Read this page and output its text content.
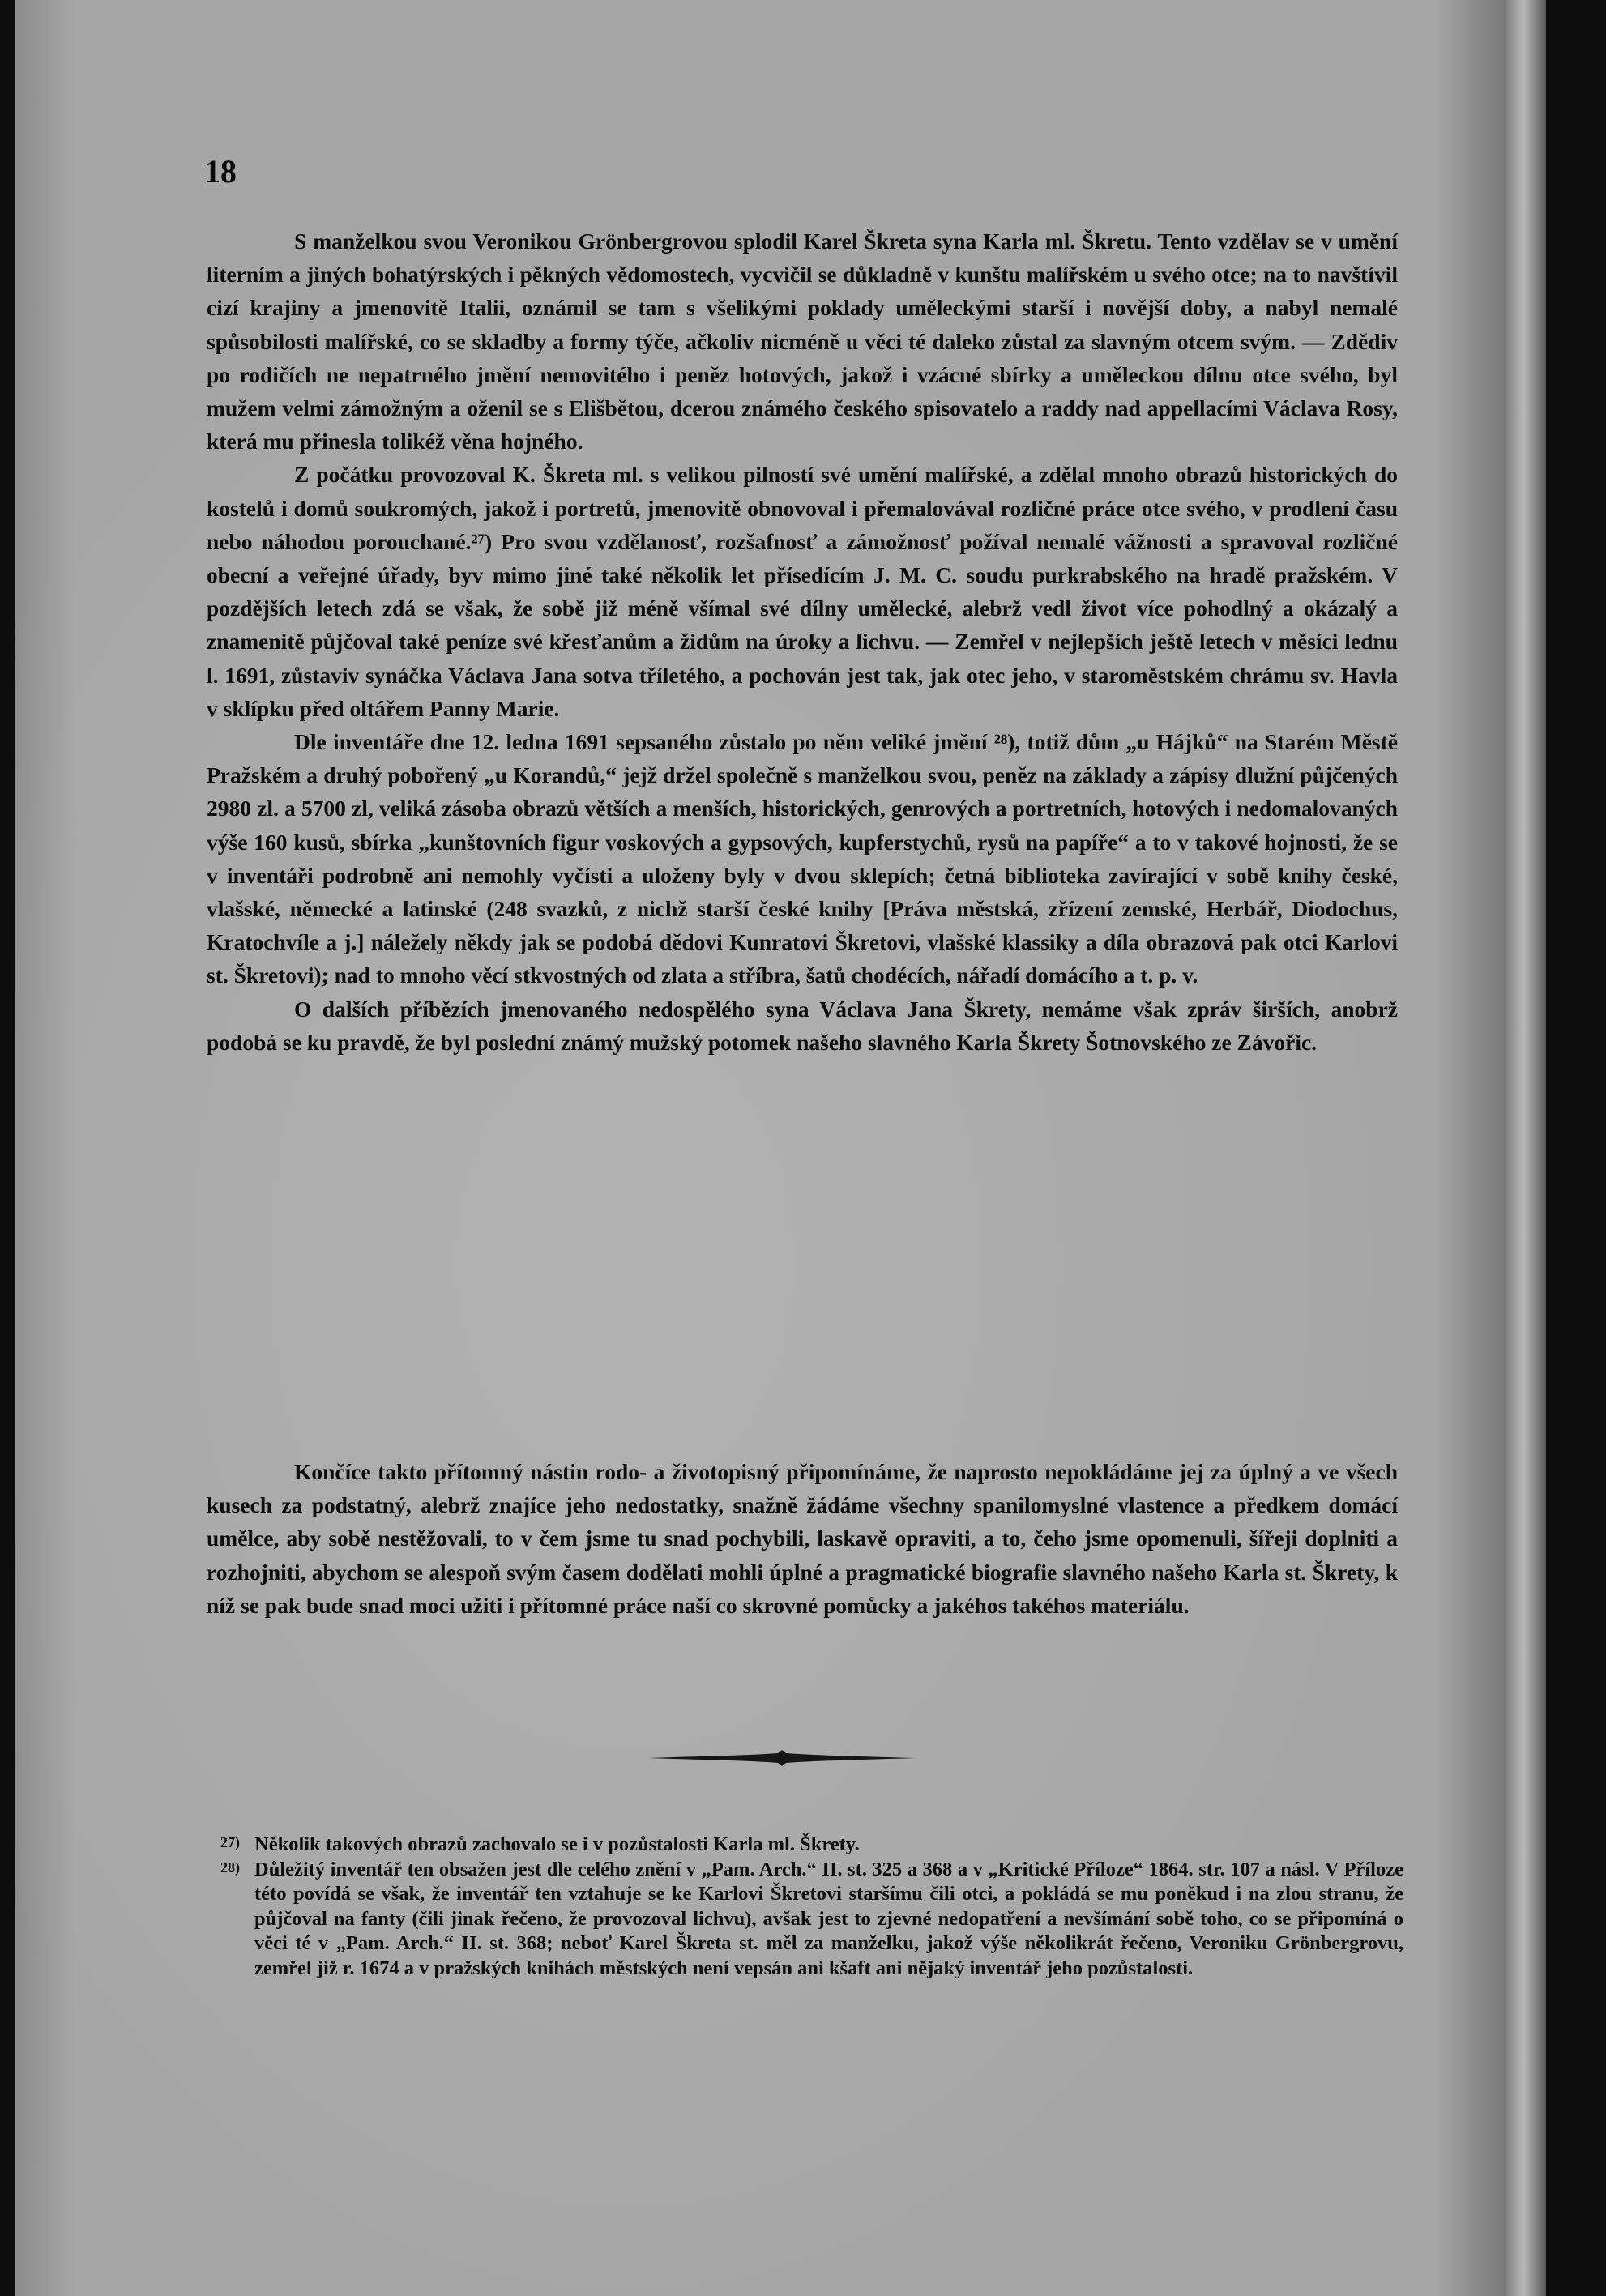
18

S manželkou svou Veronikou Grönbergrovou splodil Karel Škreta syna Karla ml. Škretu. Tento vzdělav se v umění literním a jiných bohatýrských i pěkných vědomostech, vycvičil se důkladně v kunštu malířském u svého otce; na to navštívil cizí krajiny a jmenovitě Italii, oznámil se tam s všelikými poklady uměleckými starší i novější doby, a nabyl nemalé spůsobilosti malířské, co se skladby a formy týče, ačkoliv nicméně u věci té daleko zůstal za slavným otcem svým. — Zdědiv po rodičích ne nepatrného jmění nemovitého i peněz hotových, jakož i vzácné sbírky a uměleckou dílnu otce svého, byl mužem velmi zámožným a oženil se s Elišbětou, dcerou známého českého spisovatelo a raddy nad appellacími Václava Rosy, která mu přinesla tolikéž věna hojného.

Z počátku provozoval K. Škreta ml. s velikou pilností své umění malířské, a zdělal mnoho obrazů historických do kostelů i domů soukromých, jakož i portretů, jmenovitě obnovoval i přemalovával rozličné práce otce svého, v prodlení času nebo náhodou porouchané.²⁷) Pro svou vzdělanosť, rozšafnosť a zámožnosť požíval nemalé vážnosti a spravoval rozličné obecní a veřejné úřady, byv mimo jiné také několik let přísedícím J. M. C. soudu purkrabského na hradě pražském. V pozdějších letech zdá se však, že sobě již méně všímal své dílny umělecké, alebrž vedl život více pohodlný a okázalý a znamenitě půjčoval také peníze své křesťanům a židům na úroky a lichvu. — Zemřel v nejlepších ještě letech v měsíci lednu l. 1691, zůstaviv synáčka Václava Jana sotva tříletého, a pochován jest tak, jak otec jeho, v staroměstském chrámu sv. Havla v sklípku před oltářem Panny Marie.

Dle inventáře dne 12. ledna 1691 sepsaného zůstalo po něm veliké jmění ²⁸), totiž dům „u Hájků“ na Starém Městě Pražském a druhý pobořený „u Korandů,“ jejž držel společně s manželkou svou, peněz na základy a zápisy dlužní půjčených 2980 zl. a 5700 zl, veliká zásoba obrazů větších a menších, historických, genrových a portretních, hotových i nedomalovaných výše 160 kusů, sbírka „kunštovních figur voskových a gypsových, kupferstychů, rysů na papíře“ a to v takové hojnosti, že se v inventáři podrobně ani nemohly vyčísti a uloženy byly v dvou sklepích; četná biblioteka zavírající v sobě knihy české, vlašské, německé a latinské (248 svazků, z nichž starší české knihy [Práva městská, zřízení zemské, Herbář, Diodochus, Kratochvíle a j.] náležely někdy jak se podobá dědovi Kunratovi Škretovi, vlašské klassiky a díla obrazová pak otci Karlovi st. Škretovi); nad to mnoho věcí stkvostných od zlata a stříbra, šatů chodécích, nářadí domácího a t. p. v.

O dalších příbězích jmenovaného nedospělého syna Václava Jana Škrety, nemáme však zpráv širších, anobrž podobá se ku pravdě, že byl poslední známý mužský potomek našeho slavného Karla Škrety Šotnovského ze Závořic.

Končíce takto přítomný nástin rodo- a životopisný připomínáme, že naprosto nepokládáme jej za úplný a ve všech kusech za podstatný, alebrž znajíce jeho nedostatky, snažně žádáme všechny spanilomyslné vlastence a předkem domácí umělce, aby sobě nestěžovali, to v čem jsme tu snad pochybili, laskavě opraviti, a to, čeho jsme opomenuli, šířeji doplniti a rozhojniti, abychom se alespoň svým časem dodělati mohli úplné a pragmatické biografie slavného našeho Karla st. Škrety, k níž se pak bude snad moci užiti i přítomné práce naší co skrovné pomůcky a jakéhos takéhos materiálu.

27) Několik takových obrazů zachovalo se i v pozůstalosti Karla ml. Škrety.
28) Důležitý inventář ten obsažen jest dle celého znění v „Pam. Arch.“ II. st. 325 a 368 a v „Kritické Příloze“ 1864. str. 107 a násl. V Příloze této povídá se však, že inventář ten vztahuje se ke Karlovi Škretovi staršímu čili otci, a pokládá se mu poněkud i na zlou stranu, že půjčoval na fanty (čili jinak řečeno, že provozoval lichvu), avšak jest to zjevné nedopatření a nevšímání sobě toho, co se připomíná o věci té v „Pam. Arch.“ II. st. 368; neboť Karel Škreta st. měl za manželku, jakož výše několikrát řečeno, Veroniku Grönbergrovu, zemřel již r. 1674 a v pražských knihách městských není vepsán ani kšaft ani nějaký inventář jeho pozůstalosti.
